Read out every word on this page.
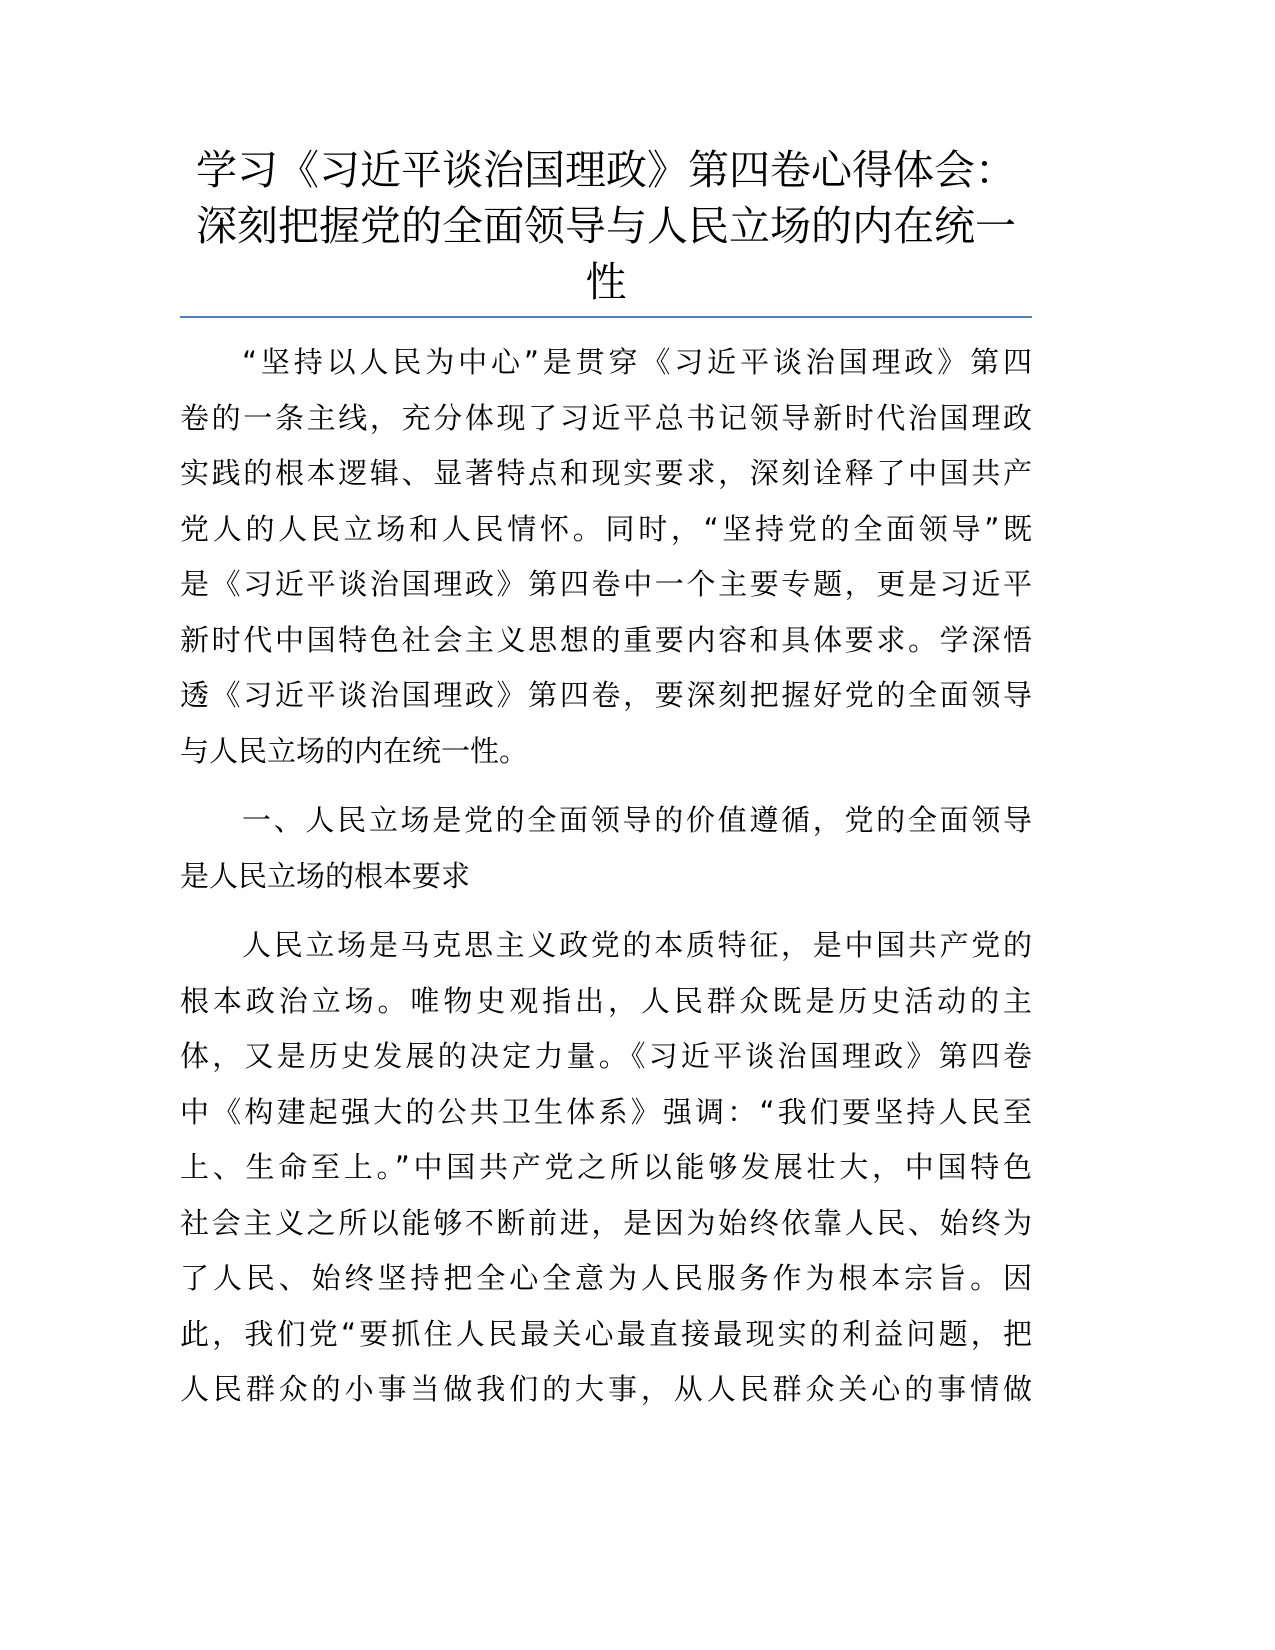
学习《习近平谈治国理政》第四卷心得体会：
深刻把握党的全面领导与人民立场的内在统一
性
“坚持以人民为中心”是贯穿《习近平谈治国理政》第四
卷的一条主线，充分体现了习近平总书记领导新时代治国理政
实践的根本逻辑、显著特点和现实要求，深刻诠释了中国共产
党人的人民立场和人民情怀。同时，“坚持党的全面领导”既
是《习近平谈治国理政》第四卷中一个主要专题，更是习近平
新时代中国特色社会主义思想的重要内容和具体要求。学深悟
透《习近平谈治国理政》第四卷，要深刻把握好党的全面领导
与人民立场的内在统一性。
一、人民立场是党的全面领导的价值遵循，党的全面领导
是人民立场的根本要求
人民立场是马克思主义政党的本质特征，是中国共产党的
根本政治立场。唯物史观指出，人民群众既是历史活动的主
体，又是历史发展的决定力量。《习近平谈治国理政》第四卷
中《构建起强大的公共卫生体系》强调：“我们要坚持人民至
上、生命至上。”中国共产党之所以能够发展壮大，中国特色
社会主义之所以能够不断前进，是因为始终依靠人民、始终为
了人民、始终坚持把全心全意为人民服务作为根本宗旨。因
此，我们党“要抓住人民最关心最直接最现实的利益问题，把
人民群众的小事当做我们的大事，从人民群众关心的事情做
